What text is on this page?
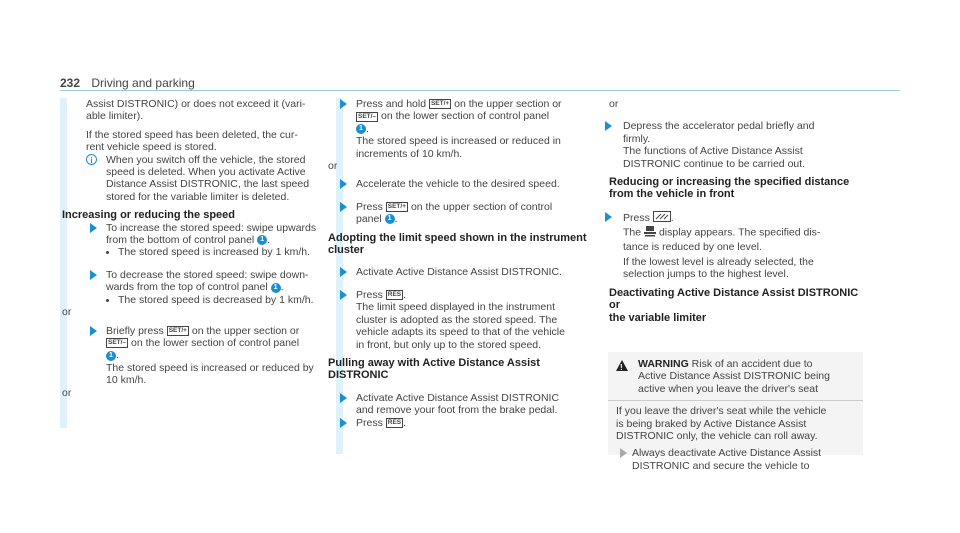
232 Driving and parking

Assist DISTRONIC) or does not exceed it (vari-

able limiter).

If the stored speed has been deleted, the cur-

rent vehicle speed is stored.

i	When you switch off the vehicle, the stored

speed is deleted. When you activate Active

Distance Assist DISTRONIC, the last speed

stored for the variable limiter is deleted.

Increasing or reducing the speed

To increase the stored speed: swipe upwards

from the bottom of control panel 1 .

The stored speed is increased by 1 km/h.

To decrease the stored speed: swipe down-

wards from the top of control panel 1 .

The stored speed is decreased by 1 km/h.

or

Briefly press SET/+ on the upper section or

SET/– on the lower section of control panel

1 .

The stored speed is increased or reduced by

10 km/h.

or

Press and hold SET/+ on the upper section or

SET/– on the lower section of control panel

1 .

The stored speed is increased or reduced in

increments of 10 km/h.

or

Accelerate the vehicle to the desired speed.

Press SET/+ on the upper section of control

panel 1 .

Adopting the limit speed shown in the instrument

cluster

Activate Active Distance Assist DISTRONIC.

Press RES .

The limit speed displayed in the instrument

cluster is adopted as the stored speed. The

vehicle adapts its speed to that of the vehicle

in front, but only up to the stored speed.

Pulling away with Active Distance Assist

DISTRONIC

Activate Active Distance Assist DISTRONIC

and remove your foot from the brake pedal.

Press RES .

or

Depress the accelerator pedal briefly and

firmly.

The functions of Active Distance Assist

DISTRONIC continue to be carried out.

Reducing or increasing the specified distance

from the vehicle in front

Press .

The display appears. The specified dis-

tance is reduced by one level.

If the lowest level is already selected, the

selection jumps to the highest level.

Deactivating Active Distance Assist DISTRONIC or

the variable limiter

!

WARNING Risk of an accident due to

Active Distance Assist DISTRONIC being

active when you leave the driver's seat

If you leave the driver's seat while the vehicle

is being braked by Active Distance Assist

DISTRONIC only, the vehicle can roll away.

Always deactivate Active Distance Assist

DISTRONIC and secure the vehicle to
